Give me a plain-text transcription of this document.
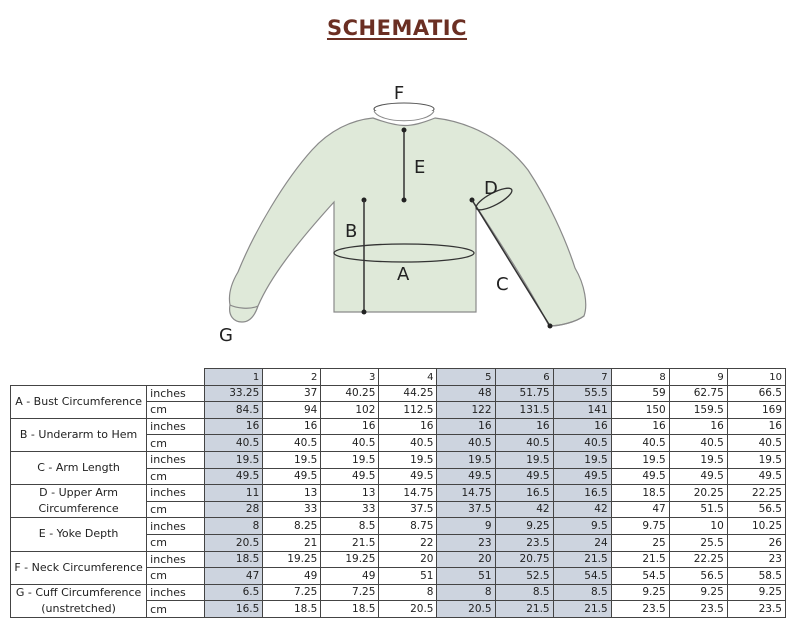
SCHEMATIC
F
E
D
B
A	C
G
		1	2	3	4	5	6	7	8	9	10
A - Bust Circumference	inches	33.25	37	40.25	44.25	48	51.75	55.5	59	62.75	66.5
	cm	84.5	94	102	112.5	122	131.5	141	150	159.5	169
B - Underarm to Hem	inches	16	16	16	16	16	16	16	16	16	16
	cm	40.5	40.5	40.5	40.5	40.5	40.5	40.5	40.5	40.5	40.5
C - Arm Length	inches	19.5	19.5	19.5	19.5	19.5	19.5	19.5	19.5	19.5	19.5
	cm	49.5	49.5	49.5	49.5	49.5	49.5	49.5	49.5	49.5	49.5
D - Upper Arm Circumference	inches	11	13	13	14.75	14.75	16.5	16.5	18.5	20.25	22.25
	cm	28	33	33	37.5	37.5	42	42	47	51.5	56.5
E - Yoke Depth	inches	8	8.25	8.5	8.75	9	9.25	9.5	9.75	10	10.25
	cm	20.5	21	21.5	22	23	23.5	24	25	25.5	26
F - Neck Circumference	inches	18.5	19.25	19.25	20	20	20.75	21.5	21.5	22.25	23
	cm	47	49	49	51	51	52.5	54.5	54.5	56.5	58.5
G - Cuff Circumference (unstretched)	inches	6.5	7.25	7.25	8	8	8.5	8.5	9.25	9.25	9.25
	cm	16.5	18.5	18.5	20.5	20.5	21.5	21.5	23.5	23.5	23.5
